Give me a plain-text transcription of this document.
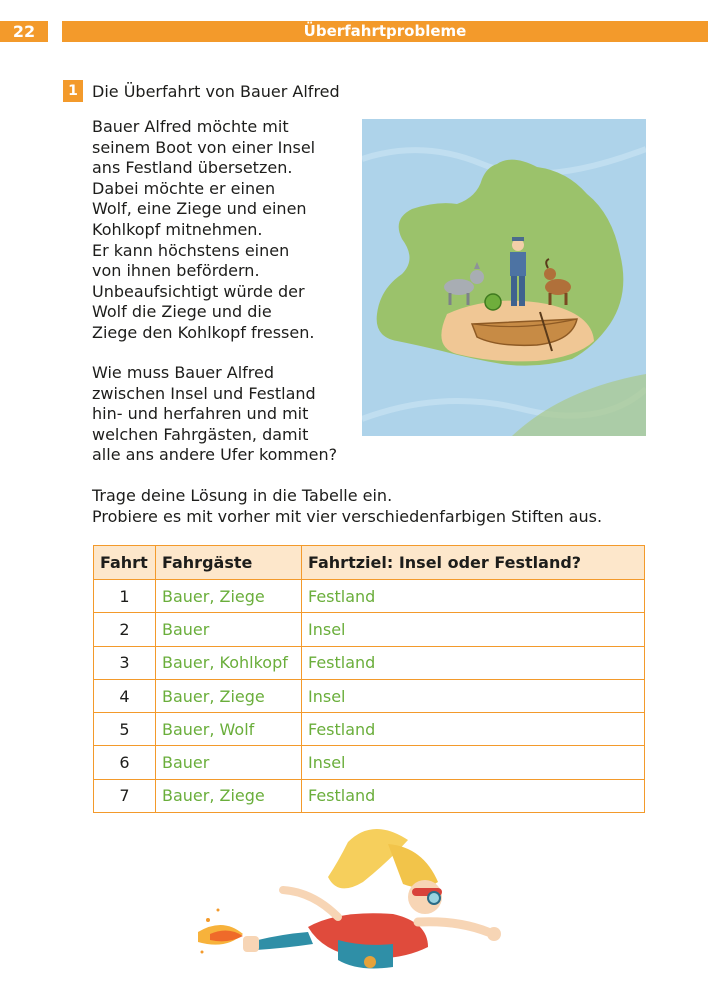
22	Überfahrtprobleme
1 Die Überfahrt von Bauer Alfred
Bauer Alfred möchte mit
seinem Boot von einer Insel
ans Festland übersetzen.
Dabei möchte er einen
Wolf, eine Ziege und einen
Kohlkopf mitnehmen.
Er kann höchstens einen
von ihnen befördern.
Unbeaufsichtigt würde der
Wolf die Ziege und die
Ziege den Kohlkopf fressen.
Wie muss Bauer Alfred
zwischen Insel und Festland
hin- und herfahren und mit
welchen Fahrgästen, damit
alle ans andere Ufer kommen?
Trage deine Lösung in die Tabelle ein.
Probiere es mit vorher mit vier verschiedenfarbigen Stiften aus.
Fahrt	Fahrgäste	Fahrtziel: Insel oder Festland?
1	Bauer, Ziege	Festland
2	Bauer	Insel
3	Bauer, Kohlkopf	Festland
4	Bauer, Ziege	Insel
5	Bauer, Wolf	Festland
6	Bauer	Insel
7	Bauer, Ziege	Festland
